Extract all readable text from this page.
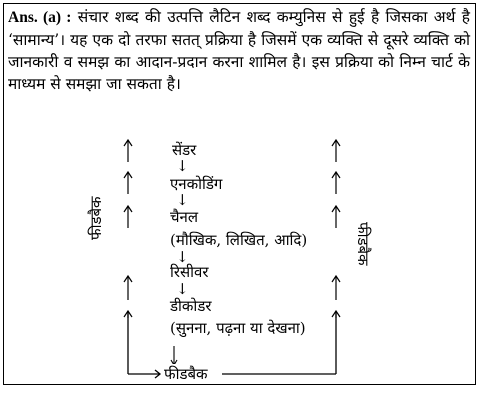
Ans. (a) : संचार शब्द की उत्पत्ति लैटिन शब्द कम्युनिस से हुई है जिसका अर्थ है ‘सामान्य’। यह एक दो तरफा सतत् प्रक्रिया है जिसमें एक व्यक्ति से दूसरे व्यक्ति को जानकारी व समझ का आदान-प्रदान करना शामिल है। इस प्रक्रिया को निम्न चार्ट के माध्यम से समझा जा सकता है।
सेंडर
↓
एनकोडिंग
↓
चैनल
(मौखिक, लिखित, आदि)
↓
रिसीवर
↓
डीकोडर
(सुनना, पढ़ना या देखना)
फीडबैक
फीडबैक
फीडबैक
